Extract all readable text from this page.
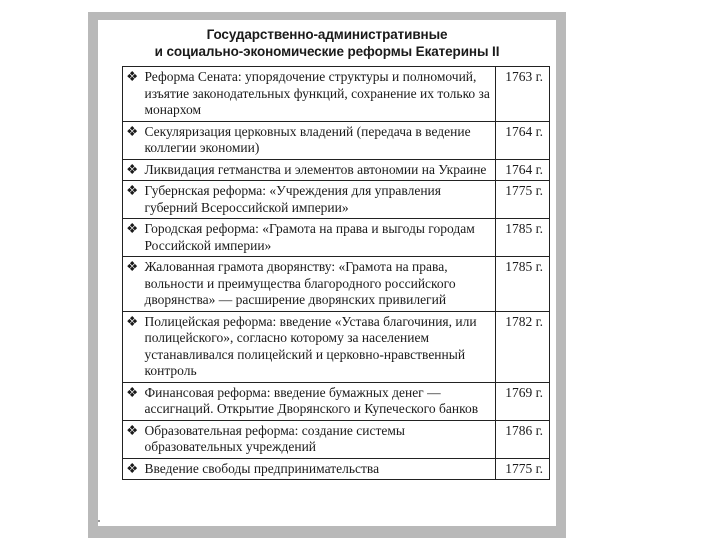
Государственно-административные
и социально-экономические реформы Екатерины II
❖	Реформа Сената: упорядочение структуры и полномочий, изъятие законодательных функций, сохранение их только за монархом	1763 г.
❖	Секуляризация церковных владений (передача в ведение коллегии экономии)	1764 г.
❖	Ликвидация гетманства и элементов автономии на Украине	1764 г.
❖	Губернская реформа: «Учреждения для управления губерний Всероссийской империи»	1775 г.
❖	Городская реформа: «Грамота на права и выгоды городам Российской империи»	1785 г.
❖	Жалованная грамота дворянству: «Грамота на права, вольности и преимущества благородного российского дворянства» — расширение дворянских привилегий	1785 г.
❖	Полицейская реформа: введение «Устава благочиния, или полицейского», согласно которому за населением устанавливался полицейский и церковно-нравственный контроль	1782 г.
❖	Финансовая реформа: введение бумажных денег — ассигнаций. Открытие Дворянского и Купеческого банков	1769 г.
❖	Образовательная реформа: создание системы образовательных учреждений	1786 г.
❖	Введение свободы предпринимательства	1775 г.
